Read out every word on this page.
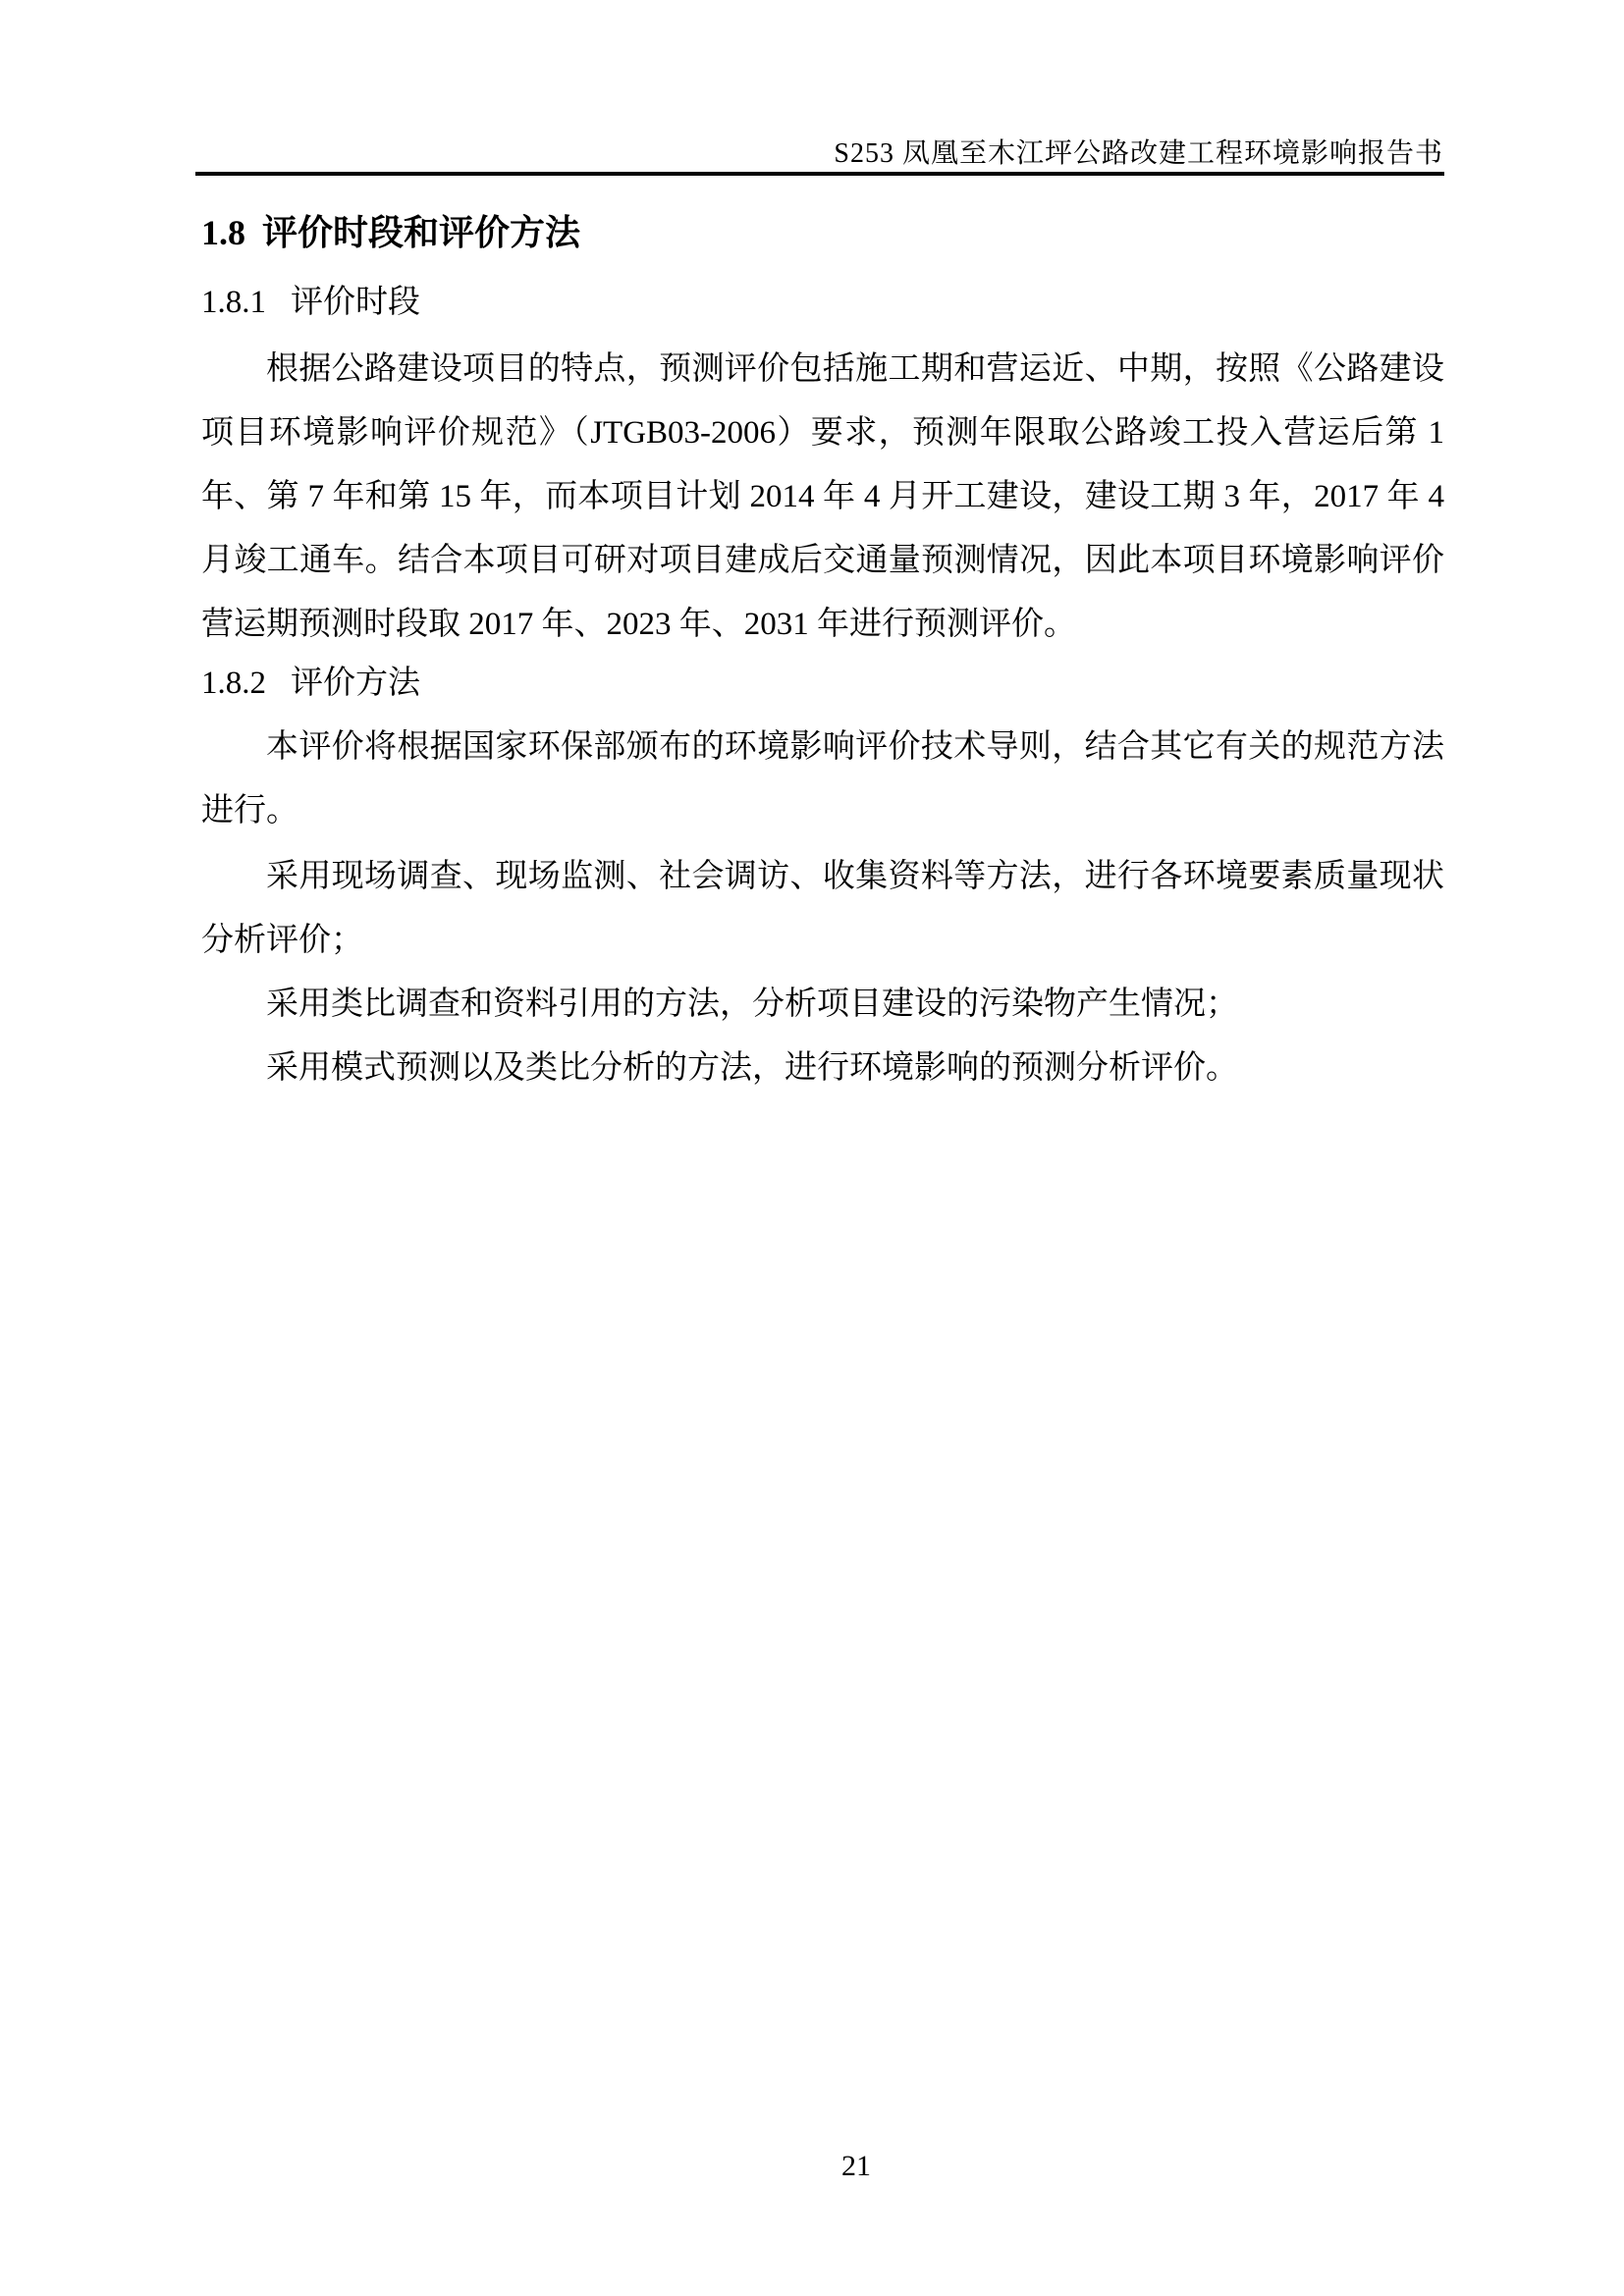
S253 凤凰至木江坪公路改建工程环境影响报告书
1.8 评价时段和评价方法
1.8.1 评价时段

根据公路建设项目的特点，预测评价包括施工期和营运近、中期，按照《公路建设项目环境影响评价规范》（JTGB03-2006）要求，预测年限取公路竣工投入营运后第 1 年、第 7 年和第 15 年，而本项目计划 2014 年 4 月开工建设，建设工期 3 年，2017 年 4 月竣工通车。结合本项目可研对项目建成后交通量预测情况，因此本项目环境影响评价营运期预测时段取 2017 年、2023 年、2031 年进行预测评价。

1.8.2 评价方法

本评价将根据国家环保部颁布的环境影响评价技术导则，结合其它有关的规范方法进行。

采用现场调查、现场监测、社会调访、收集资料等方法，进行各环境要素质量现状分析评价；

采用类比调查和资料引用的方法，分析项目建设的污染物产生情况；

采用模式预测以及类比分析的方法，进行环境影响的预测分析评价。

21
